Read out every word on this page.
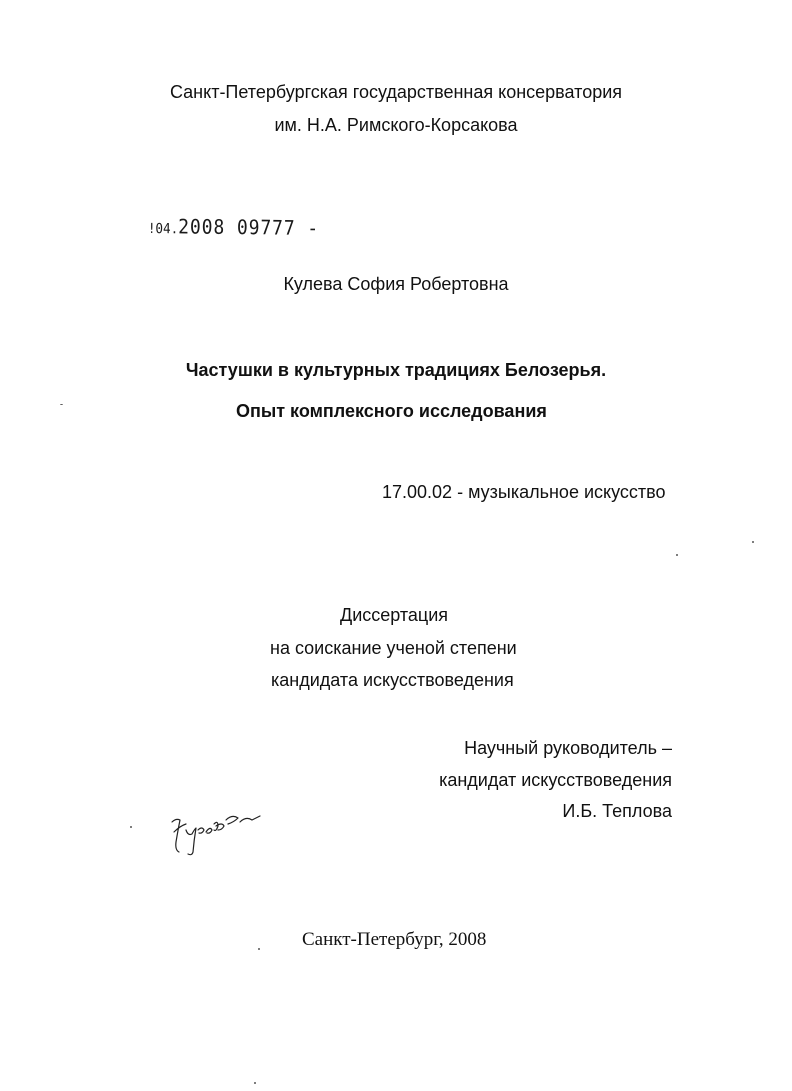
Санкт-Петербургская государственная консерватория
им. Н.А. Римского-Корсакова
!04.2008 09777 -
Кулева София Робертовна
Частушки в культурных традициях Белозерья.
Опыт комплексного исследования
17.00.02 - музыкальное искусство
Диссертация
на соискание ученой степени
кандидата искусствоведения
Научный руководитель –
кандидат искусствоведения
И.Б. Теплова
Санкт-Петербург, 2008
